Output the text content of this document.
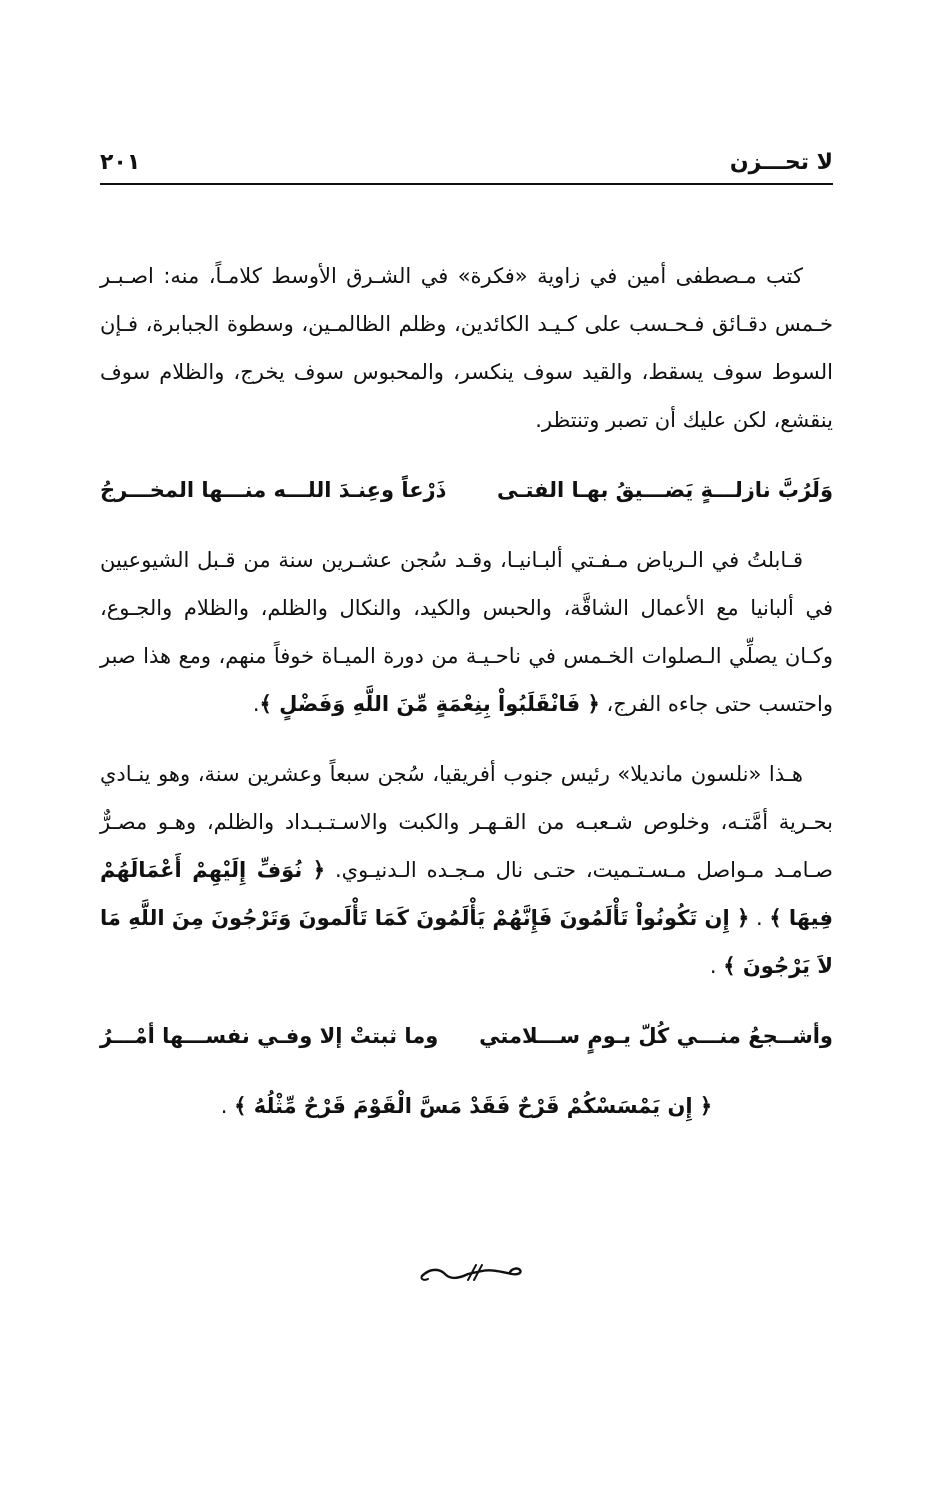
لا تحـــزن
٢٠١

كتب مـصطفى أمين في زاوية «فكرة» في الشـرق الأوسط كلامـاً، منه: اصـبـر خـمس دقـائق فـحـسب على كـيـد الكائدين، وظلم الظالمـين، وسطوة الجبابرة، فـإن السوط سوف يسقط، والقيد سوف ينكسر، والمحبوس سوف يخرج، والظلام سوف ينقشع، لكن عليك أن تصبر وتنتظر.

وَلَرُبَّ نازلـــةٍ يَضـــيقُ بهـا الفتـى
ذَرْعاً وعِنـدَ اللـــه منـــها المخـــرجُ

قـابلتُ في الـرياض مـفـتي ألبـانيـا، وقـد سُجن عشـرين سنة من قـبل الشيوعيين في ألبانيا مع الأعمال الشاقَّة، والحبس والكيد، والنكال والظلم، والظلام والجـوع، وكـان يصلِّي الـصلوات الخـمس في ناحـيـة من دورة الميـاة خوفاً منهم، ومع هذا صبر واحتسب حتى جاءه الفرج، ﴿ فَانْقَلَبُواْ بِنِعْمَةٍ مِّنَ اللَّهِ وَفَضْلٍ ﴾.

هـذا «نلسون مانديلا» رئيس جنوب أفريقيا، سُجن سبعاً وعشرين سنة، وهو ينـادي بحـرية أمَّتـه، وخلوص شـعبـه من القـهـر والكبت والاسـتـبـداد والظلم، وهـو مصـرٌّ صـامـد مـواصل مـسـتـميت، حتـى نال مـجـده الـدنيـوي. ﴿ نُوَفِّ إِلَيْهِمْ أَعْمَالَهُمْ فِيهَا ﴾ . ﴿ إِن تَكُونُواْ تَأْلَمُونَ فَإِنَّهُمْ يَأْلَمُونَ كَمَا تَأْلَمونَ وَتَرْجُونَ مِنَ اللَّهِ مَا لاَ يَرْجُونَ ﴾ .

وأشــجعُ منـــي كُلّ يـومٍ ســـلامتي
وما ثبتتْ إلا وفـي نفســـها أمْـــرُ

﴿ إِن يَمْسَسْكُمْ قَرْحٌ فَقَدْ مَسَّ الْقَوْمَ قَرْحٌ مِّثْلُهُ ﴾ .
